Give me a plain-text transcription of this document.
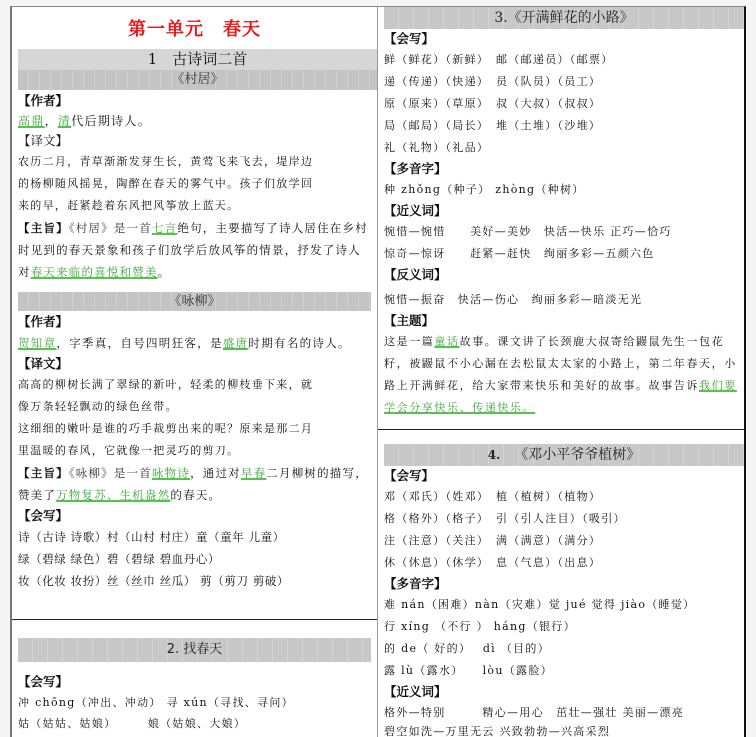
第一单元　春天
1　古诗词二首
《村居》
【作者】
高鼎，清代后期诗人。
【译文】
农历二月，青草渐渐发芽生长，黄莺飞来飞去，堤岸边
的杨柳随风摇晃，陶醉在春天的雾气中。孩子们放学回
来的早，赶紧趁着东风把风筝放上蓝天。
【主旨】《村居》是一首七言绝句，主要描写了诗人居住在乡村时见到的春天景象和孩子们放学后放风筝的情景，抒发了诗人对春天来临的喜悦和赞美。
《咏柳》
【作者】
贺知章，字季真，自号四明狂客，是盛唐时期有名的诗人。
【译文】
高高的柳树长满了翠绿的新叶，轻柔的柳枝垂下来，就
像万条轻轻飘动的绿色丝带。
这细细的嫩叶是谁的巧手裁剪出来的呢？原来是那二月
里温暖的春风，它就像一把灵巧的剪刀。
【主旨】《咏柳》是一首咏物诗，通过对早春二月柳树的描写，赞美了万物复苏、生机盎然的春天。
【会写】
诗（古诗 诗歌）村（山村 村庄）童（童年 儿童）
绿（碧绿 绿色）碧（碧绿 碧血丹心）
妆（化妆 妆扮）丝（丝巾 丝瓜） 剪（剪刀 剪破）
2. 找春天
【会写】
冲 chōng（冲出、冲动） 寻 xún（寻找、寻问）
姑（姑姑、姑娘）　　　娘（姑娘、大娘）
3.《开满鲜花的小路》
【会写】
鲜（鲜花）（新鲜）　邮（邮递员）（邮票）
递（传递）（快递）　员（队员）（员工）
原（原来）（草原）　叔（大叔）（叔叔）
局（邮局）（局长）　堆（土堆）（沙堆）
礼（礼物）（礼品）
【多音字】
种 zhǒng（种子） zhòng（种树）
【近义词】
惋惜—惋惜　　美好—美妙　快活—快乐 正巧—恰巧
惊奇—惊讶　　赶紧—赶快　绚丽多彩—五颜六色
【反义词】
惋惜—振奋　快活—伤心　绚丽多彩—暗淡无光
【主题】
这是一篇童话故事。课文讲了长颈鹿大叔寄给鼹鼠先生一包花籽，被鼹鼠不小心漏在去松鼠太太家的小路上，第二年春天，小路上开满鲜花，给大家带来快乐和美好的故事。故事告诉我们要学会分享快乐、传递快乐。
4. 《邓小平爷爷植树》
【会写】
邓（邓氏）（姓邓）　植（植树）（植物）
格（格外）（格子）　引（引人注目）（吸引）
注（注意）（关注）　满（满意）（满分）
休（休息）（休学）　息（气息）（出息）
【多音字】
难 nán（困难）nàn（灾难）觉 jué 觉得 jiào（睡觉）
行 xíng （不行 ） háng（银行）
的 de（ 好的）　 dì （目的）
露 lù（露水）　　lòu（露脸）
【近义词】
格外—特别　　　精心—用心　茁壮—强壮 美丽—漂亮
碧空如洗—万里无云 兴致勃勃—兴高采烈
